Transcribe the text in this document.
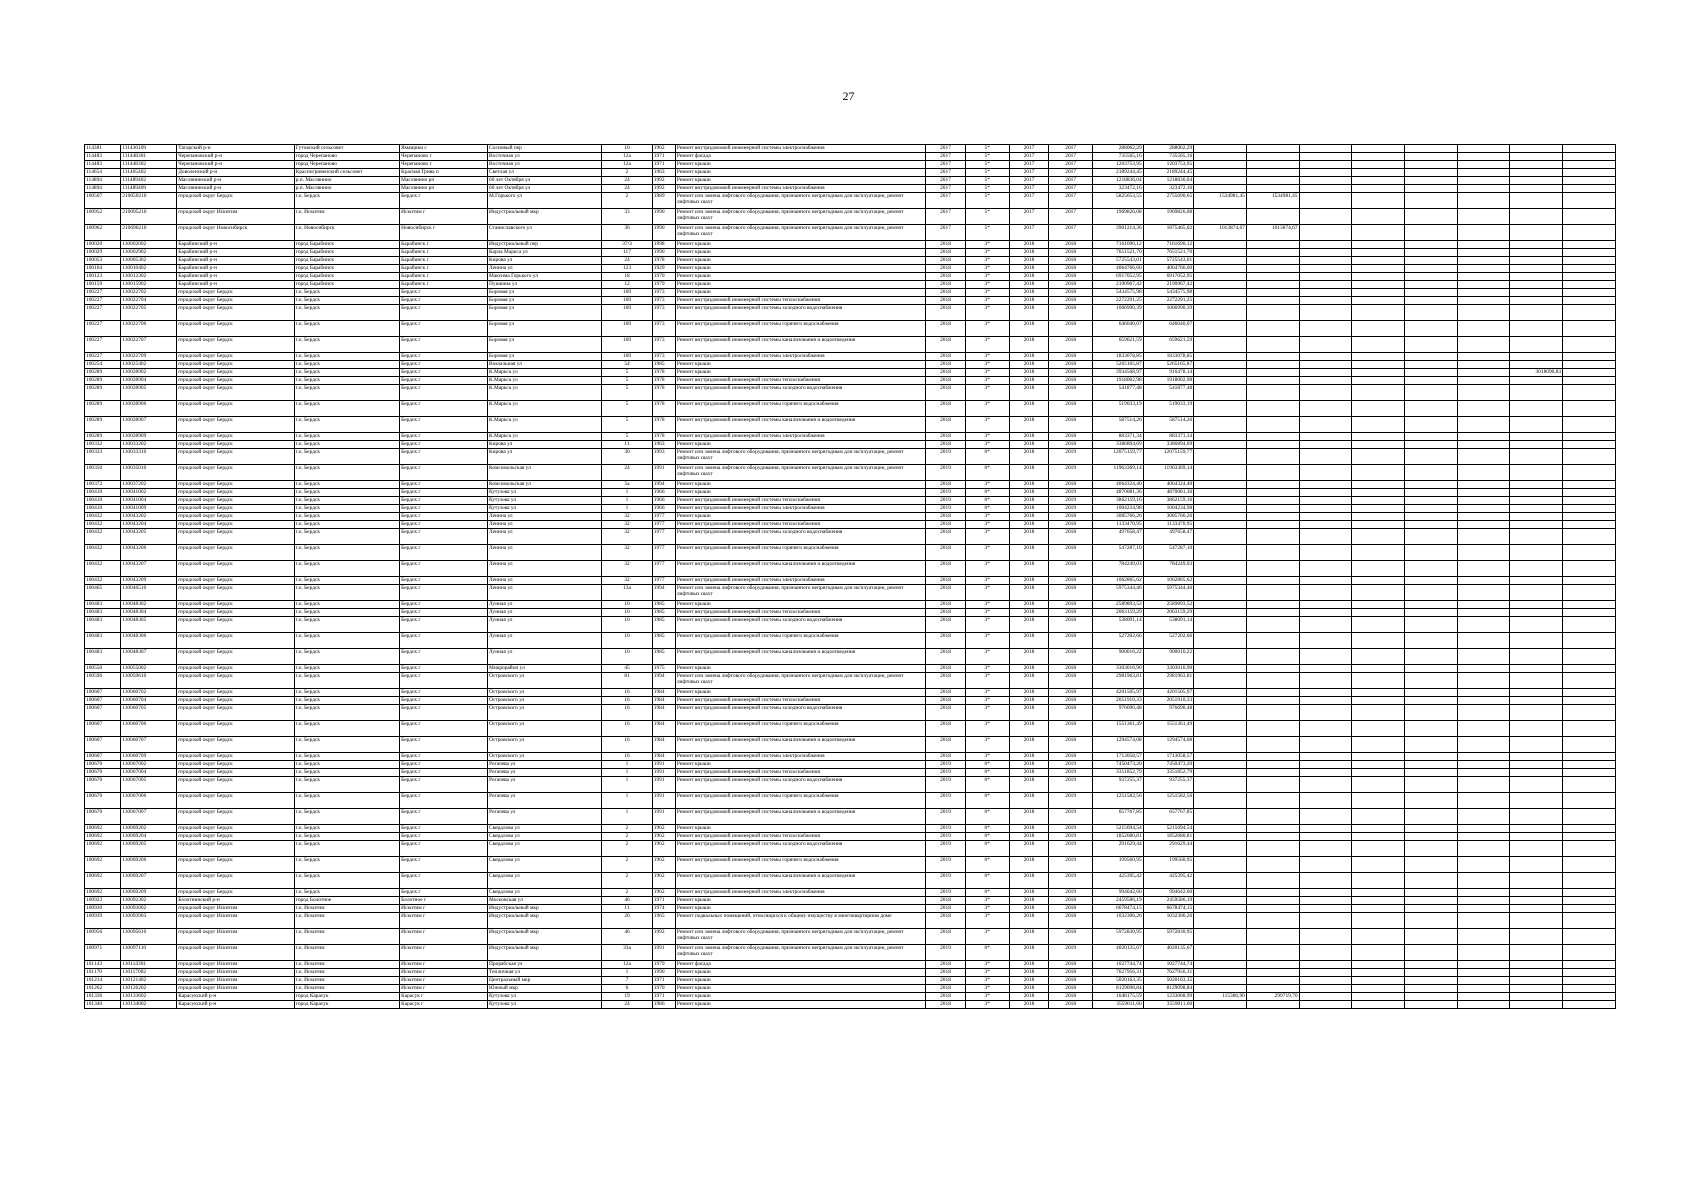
27
114381	111436109	Татарский р-н	Гутовский сельсовет	Ямащики с	Сосновый пер	10	1962	Ремонт внутридомовой инженерной системы электроснабжения	2017	5*	2017	2017	288062,29	288062,29								
114483	111448301	Черепановский р-н	город Черепаново	Черепаново г	Восточная ул	12а	1971	Ремонт фасада	2017	5*	2017	2017	735565,16	735565,16								
114483	111448302	Черепановский р-н	город Черепаново	Черепаново г	Восточная ул	12а	1971	Ремонт крыши	2017	5*	2017	2017	1203753,95	1203753,95								
114654	111465402	Доволенский р-н	Красногривенский сельсовет	Красная Грива п	Светлая ул	2	1963	Ремонт крыши	2017	5*	2017	2017	2189244,45	2189244,45								
114894	111489402	Маслянинский р-н	р.п. Маслянино	Маслянино рп	60 лет Октября ул	24	1992	Ремонт крыши	2017	5*	2017	2017	1218836,04	1218836,04								
114894	111489409	Маслянинский р-н	р.п. Маслянино	Маслянино рп	60 лет Октября ул	24	1992	Ремонт внутридомовой инженерной системы электроснабжения	2017	5*	2017	2017	323472,16	323472,16								
100507	210050210	городской округ Бердск	г.о. Бердск	Бердск г	М.Горького ул	2	1989	Ремонт или замена лифтового оборудования, признанного непригодным для эксплуатации, ремонт лифтовых шахт	2017	5*	2017	2017	5825653,55	2755690,65	1534981,45	1534981,45						
100952	210095210	городской округ Искитим	г.о. Искитим	Искитим г	Индустриальный мкр	33	1990	Ремонт или замена лифтового оборудования, признанного непригодным для эксплуатации, ремонт лифтовых шахт	2017	5*	2017	2017	1969826,08	1969826,08								
100962	210696210	городской округ Новосибирск	г.о. Новосибирск	Новосибирск г	Станиславского ул	36	1990	Ремонт или замена лифтового оборудования, признанного непригодным для эксплуатации, ремонт лифтовых шахт	2017	5*	2017	2017	3901214,36	1875465,02	1013874,67	1013874,67						
100020	110002002	Барабинский р-н	город Барабинск	Барабинск г	Индустриальный пер	37/3	1998	Ремонт крыши	2018	3*	2018	2018	7161690,12	7161690,12								
100029	110002902	Барабинский р-н	город Барабинск	Барабинск г	Карла Маркса ул	117	1990	Ремонт крыши	2018	3*	2018	2018	7651521,70	7651521,70								
100053	110005302	Барабинский р-н	город Барабинск	Барабинск г	Кирова ул	24	1978	Ремонт крыши	2018	3*	2018	2018	5725543,01	5725543,01								
100104	110010402	Барабинский р-н	город Барабинск	Барабинск г	Ленина ул	123	1929	Ремонт крыши	2018	3*	2018	2018	4064766,60	4064766,60								
100123	110012302	Барабинский р-н	город Барабинск	Барабинск г	Максима Горького ул	18	1970	Ремонт крыши	2018	3*	2018	2018	6917052,95	6917052,95								
100159	110015902	Барабинский р-н	город Барабинск	Барабинск г	Пушкина ул	12	1979	Ремонт крыши	2018	3*	2018	2018	2190967,42	2190967,42								
100227	110022702	городской округ Бердск	г.о. Бердск	Бердск г	Боровая ул	100	1973	Ремонт крыши	2018	3*	2018	2018	5434575,98	5434575,98								
100227	110022704	городской округ Бердск	г.о. Бердск	Бердск г	Боровая ул	100	1973	Ремонт внутридомовой инженерной системы теплоснабжения	2018	3*	2018	2018	2272291,25	2272291,25								
100227	110022705	городской округ Бердск	г.о. Бердск	Бердск г	Боровая ул	100	1973	Ремонт внутридомовой инженерной системы холодного водоснабжения	2018	3*	2018	2018	1066990,39	1066990,39								
100227	110022706	городской округ Бердск	г.о. Бердск	Бердск г	Боровая ул	100	1973	Ремонт внутридомовой инженерной системы горячего водоснабжения	2018	3*	2018	2018	646040,07	646040,07								
100227	110022707	городской округ Бердск	г.о. Бердск	Бердск г	Боровая ул	100	1973	Ремонт внутридомовой инженерной системы канализования и водоотведения	2018	3*	2018	2018	659621,59	659621,59								
100227	110022709	городской округ Бердск	г.о. Бердск	Бердск г	Боровая ул	100	1973	Ремонт внутридомовой инженерной системы электроснабжения	2018	3*	2018	2018	1833078,85	1833078,85								
100254	110025402	городской округ Бердск	г.о. Бердск	Бердск г	Вокзальная ул	54	1985	Ремонт крыши	2018	3*	2018	2018	5265165,87	5265165,87								
100289	110028902	городской округ Бердск	г.о. Бердск	Бердск г	К.Маркса ул	5	1978	Ремонт крыши	2018	3*	2018	2018	3934568,97	916478,14							3018090,83	
100289	110028904	городской округ Бердск	г.о. Бердск	Бердск г	К.Маркса ул	5	1978	Ремонт внутридомовой инженерной системы теплоснабжения	2018	3*	2018	2018	1918002,98	1918002,98								
100289	110028905	городской округ Бердск	г.о. Бердск	Бердск г	К.Маркса ул	5	1978	Ремонт внутридомовой инженерной системы холодного водоснабжения	2018	3*	2018	2018	541877,48	541877,48								
100289	110028906	городской округ Бердск	г.о. Бердск	Бердск г	К.Маркса ул	5	1978	Ремонт внутридомовой инженерной системы горячего водоснабжения	2018	3*	2018	2018	519033,19	519033,19								
100289	110028907	городской округ Бердск	г.о. Бердск	Бердск г	К.Маркса ул	5	1978	Ремонт внутридомовой инженерной системы канализования и водоотведения	2018	3*	2018	2018	587514,26	587514,26								
100289	110028909	городской округ Бердск	г.о. Бердск	Бердск г	К.Маркса ул	5	1978	Ремонт внутридомовой инженерной системы электроснабжения	2018	3*	2018	2018	883371,34	883371,34								
100332	110033202	городской округ Бердск	г.о. Бердск	Бердск г	Кирова ул	11	1963	Ремонт крыши	2018	3*	2018	2018	3386894,69	3386894,69								
100333	110033310	городской округ Бердск	г.о. Бердск	Бердск г	Кирова ул	30	1993	Ремонт или замена лифтового оборудования, признанного непригодным для эксплуатации, ремонт лифтовых шахт	2019	0*	2018	2019	12075159,77	12075159,77								
100350	110035010	городской округ Бердск	г.о. Бердск	Бердск г	Комсомольская ул	24	1991	Ремонт или замена лифтового оборудования, признанного непригодным для эксплуатации, ремонт лифтовых шахт	2019	0*	2018	2019	11963369,14	11963369,14								
100372	110037202	городской округ Бердск	г.о. Бердск	Бердск г	Комсомольская ул	5а	1994	Ремонт крыши	2018	3*	2018	2018	4064324,40	4064324,40								
100410	110041002	городской округ Бердск	г.о. Бердск	Бердск г	Кутузова ул	1	1966	Ремонт крыши	2019	0*	2018	2019	4870081,36	4870081,36								
100410	110041004	городской округ Бердск	г.о. Бердск	Бердск г	Кутузова ул	1	1966	Ремонт внутридомовой инженерной системы теплоснабжения	2019	0*	2018	2019	3862159,16	3862159,16								
100410	110041009	городской округ Бердск	г.о. Бердск	Бердск г	Кутузова ул	1	1966	Ремонт внутридомовой инженерной системы электроснабжения	2019	0*	2018	2019	1004234,98	1004234,98								
100432	110043202	городской округ Бердск	г.о. Бердск	Бердск г	Ленина ул	32	1977	Ремонт крыши	2018	3*	2018	2018	3085766,26	3085766,26								
100432	110043204	городской округ Бердск	г.о. Бердск	Бердск г	Ленина ул	32	1977	Ремонт внутридомовой инженерной системы теплоснабжения	2018	3*	2018	2018	1133470,95	1133470,95								
100432	110043205	городской округ Бердск	г.о. Бердск	Бердск г	Ленина ул	32	1977	Ремонт внутридомовой инженерной системы холодного водоснабжения	2018	3*	2018	2018	497658,47	497658,47								
100432	110043206	городской округ Бердск	г.о. Бердск	Бердск г	Ленина ул	32	1977	Ремонт внутридомовой инженерной системы горячего водоснабжения	2018	3*	2018	2018	547287,10	547287,10								
100432	110043207	городской округ Бердск	г.о. Бердск	Бердск г	Ленина ул	32	1977	Ремонт внутридомовой инженерной системы канализования и водоотведения	2018	3*	2018	2018	784249,03	784249,03								
100432	110043209	городской округ Бердск	г.о. Бердск	Бердск г	Ленина ул	32	1977	Ремонт внутридомовой инженерной системы электроснабжения	2018	3*	2018	2018	1062865,62	1062865,62								
100465	110046510	городской округ Бердск	г.о. Бердск	Бердск г	Ленина ул	13а	1994	Ремонт или замена лифтового оборудования, признанного непригодным для эксплуатации, ремонт лифтовых шахт	2018	3*	2018	2018	5975344,46	5975344,46								
100483	110048302	городской округ Бердск	г.о. Бердск	Бердск г	Лунная ул	10	1985	Ремонт крыши	2018	3*	2018	2018	2589893,52	2589893,52								
100483	110048304	городской округ Бердск	г.о. Бердск	Бердск г	Лунная ул	10	1985	Ремонт внутридомовой инженерной системы теплоснабжения	2018	3*	2018	2018	2063159,29	2063159,29								
100483	110048305	городской округ Бердск	г.о. Бердск	Бердск г	Лунная ул	10	1985	Ремонт внутридомовой инженерной системы холодного водоснабжения	2018	3*	2018	2018	538091,14	538091,14								
100483	110048306	городской округ Бердск	г.о. Бердск	Бердск г	Лунная ул	10	1985	Ремонт внутридомовой инженерной системы горячего водоснабжения	2018	3*	2018	2018	527202,66	527202,66								
100483	110048307	городской округ Бердск	г.о. Бердск	Бердск г	Лунная ул	10	1985	Ремонт внутридомовой инженерной системы канализования и водоотведения	2018	3*	2018	2018	900016,22	900016,22								
100550	110055002	городской округ Бердск	г.о. Бердск	Бердск г	Микрорайон ул	45	1975	Ремонт крыши	2018	3*	2018	2018	3303016,90	3303016,90								
100596	110059610	городской округ Бердск	г.о. Бердск	Бердск г	Островского ул	81	1994	Ремонт или замена лифтового оборудования, признанного непригодным для эксплуатации, ремонт лифтовых шахт	2018	3*	2018	2018	2981963,81	2981963,81								
100607	110060702	городской округ Бердск	г.о. Бердск	Бердск г	Островского ул	16	1984	Ремонт крыши	2018	3*	2018	2018	4201505,97	4201505,97								
100607	110060704	городской округ Бердск	г.о. Бердск	Бердск г	Островского ул	16	1984	Ремонт внутридомовой инженерной системы теплоснабжения	2018	3*	2018	2018	2051910,33	2051910,33								
100607	110060705	городской округ Бердск	г.о. Бердск	Бердск г	Островского ул	16	1984	Ремонт внутридомовой инженерной системы холодного водоснабжения	2018	3*	2018	2018	976690,48	976690,48								
100607	110060706	городской округ Бердск	г.о. Бердск	Бердск г	Островского ул	16	1984	Ремонт внутридомовой инженерной системы горячего водоснабжения	2018	3*	2018	2018	1551361,49	1551361,49								
100607	110060707	городской округ Бердск	г.о. Бердск	Бердск г	Островского ул	16	1984	Ремонт внутридомовой инженерной системы канализования и водоотведения	2018	3*	2018	2018	1294574,08	1294574,08								
100607	110060709	городской округ Бердск	г.о. Бердск	Бердск г	Островского ул	16	1984	Ремонт внутридомовой инженерной системы электроснабжения	2018	3*	2018	2018	1713058,57	1713058,57								
100670	110067002	городской округ Бердск	г.о. Бердск	Бердск г	Рогачева ул	1	1991	Ремонт крыши	2019	0*	2018	2019	7450473,20	7450473,20								
100670	110067004	городской округ Бердск	г.о. Бердск	Бердск г	Рогачева ул	1	1991	Ремонт внутридомовой инженерной системы теплоснабжения	2019	0*	2018	2019	3351852,79	3351852,79								
100670	110067005	городской округ Бердск	г.о. Бердск	Бердск г	Рогачева ул	1	1991	Ремонт внутридомовой инженерной системы холодного водоснабжения	2019	0*	2018	2019	937255,37	937255,37								
100670	110067006	городской округ Бердск	г.о. Бердск	Бердск г	Рогачева ул	1	1991	Ремонт внутридомовой инженерной системы горячего водоснабжения	2019	0*	2018	2019	1251582,56	1251582,56								
100670	110067007	городской округ Бердск	г.о. Бердск	Бердск г	Рогачева ул	1	1991	Ремонт внутридомовой инженерной системы канализования и водоотведения	2019	0*	2018	2019	657767,85	657767,85								
100692	110069202	городской округ Бердск	г.о. Бердск	Бердск г	Свердлова ул	2	1962	Ремонт крыши	2019	0*	2018	2019	5215694,54	5215694,54								
100692	110069204	городской округ Бердск	г.о. Бердск	Бердск г	Свердлова ул	2	1962	Ремонт внутридомовой инженерной системы теплоснабжения	2019	0*	2018	2019	1852680,81	1852680,81								
100692	110069205	городской округ Бердск	г.о. Бердск	Бердск г	Свердлова ул	2	1962	Ремонт внутридомовой инженерной системы холодного водоснабжения	2019	0*	2018	2019	291629,44	291629,44								
100692	110069206	городской округ Бердск	г.о. Бердск	Бердск г	Свердлова ул	2	1962	Ремонт внутридомовой инженерной системы горячего водоснабжения	2019	0*	2018	2019	199560,95	199560,95								
100692	110069207	городской округ Бердск	г.о. Бердск	Бердск г	Свердлова ул	2	1962	Ремонт внутридомовой инженерной системы канализования и водоотведения	2019	0*	2018	2019	425395,42	425395,42								
100692	110069209	городской округ Бердск	г.о. Бердск	Бердск г	Свердлова ул	2	1962	Ремонт внутридомовой инженерной системы электроснабжения	2019	0*	2018	2019	994642,60	994642,60								
100923	110092302	Болотнинский р-н	город Болотное	Болотное г	Московская ул	46	1971	Ремонт крыши	2018	3*	2018	2018	2459586,19	2459586,19								
100930	110093002	городской округ Искитим	г.о. Искитим	Искитим г	Индустриальный мкр	11	1974	Ремонт крыши	2018	3*	2018	2018	6678474,15	6678474,15								
100939	110093903	городской округ Искитим	г.о. Искитим	Искитим г	Индустриальный мкр	20	1965	Ремонт подвальных помещений, относящихся к общему имуществу в многоквартирном доме	2018	3*	2018	2018	1032306,26	1032306,26								
100956	110095610	городской округ Искитим	г.о. Искитим	Искитим г	Индустриальный мкр	46	1992	Ремонт или замена лифтового оборудования, признанного непригодным для эксплуатации, ремонт лифтовых шахт	2018	3*	2018	2018	5972830,95	5972830,95								
100971	110097110	городской округ Искитим	г.о. Искитим	Искитим г	Индустриальный мкр	33а	1991	Ремонт или замена лифтового оборудования, признанного непригодным для эксплуатации, ремонт лифтовых шахт	2019	0*	2018	2019	4020135,67	4020135,67								
101143	110114301	городской округ Искитим	г.о. Искитим	Искитим г	Прорабская ул	12а	1979	Ремонт фасада	2018	3*	2018	2018	1027744,74	1027744,74								
101170	110117002	городской округ Искитим	г.о. Искитим	Искитим г	Тепличная ул	1	1990	Ремонт крыши	2018	3*	2018	2018	7627956,31	7627956,31								
101214	110121402	городской округ Искитим	г.о. Искитим	Искитим г	Центральный мкр	7	1971	Ремонт крыши	2018	3*	2018	2018	5020163,35	5020163,35								
101262	110126202	городской округ Искитим	г.о. Искитим	Искитим г	Южный мкр	6	1970	Ремонт крыши	2018	3*	2018	2018	8129098,84	8129098,84								
101336	110133602	Карасукский р-н	город Карасук	Карасук г	Кутузова ул	19	1971	Ремонт крыши	2018	3*	2018	2018	1648175,59	1233068,99	115386,90	299719,70						
101340	110134002	Карасукский р-н	город Карасук	Карасук г	Кутузова ул	24	1986	Ремонт крыши	2018	3*	2018	2018	3559011,60	3559011,60								
